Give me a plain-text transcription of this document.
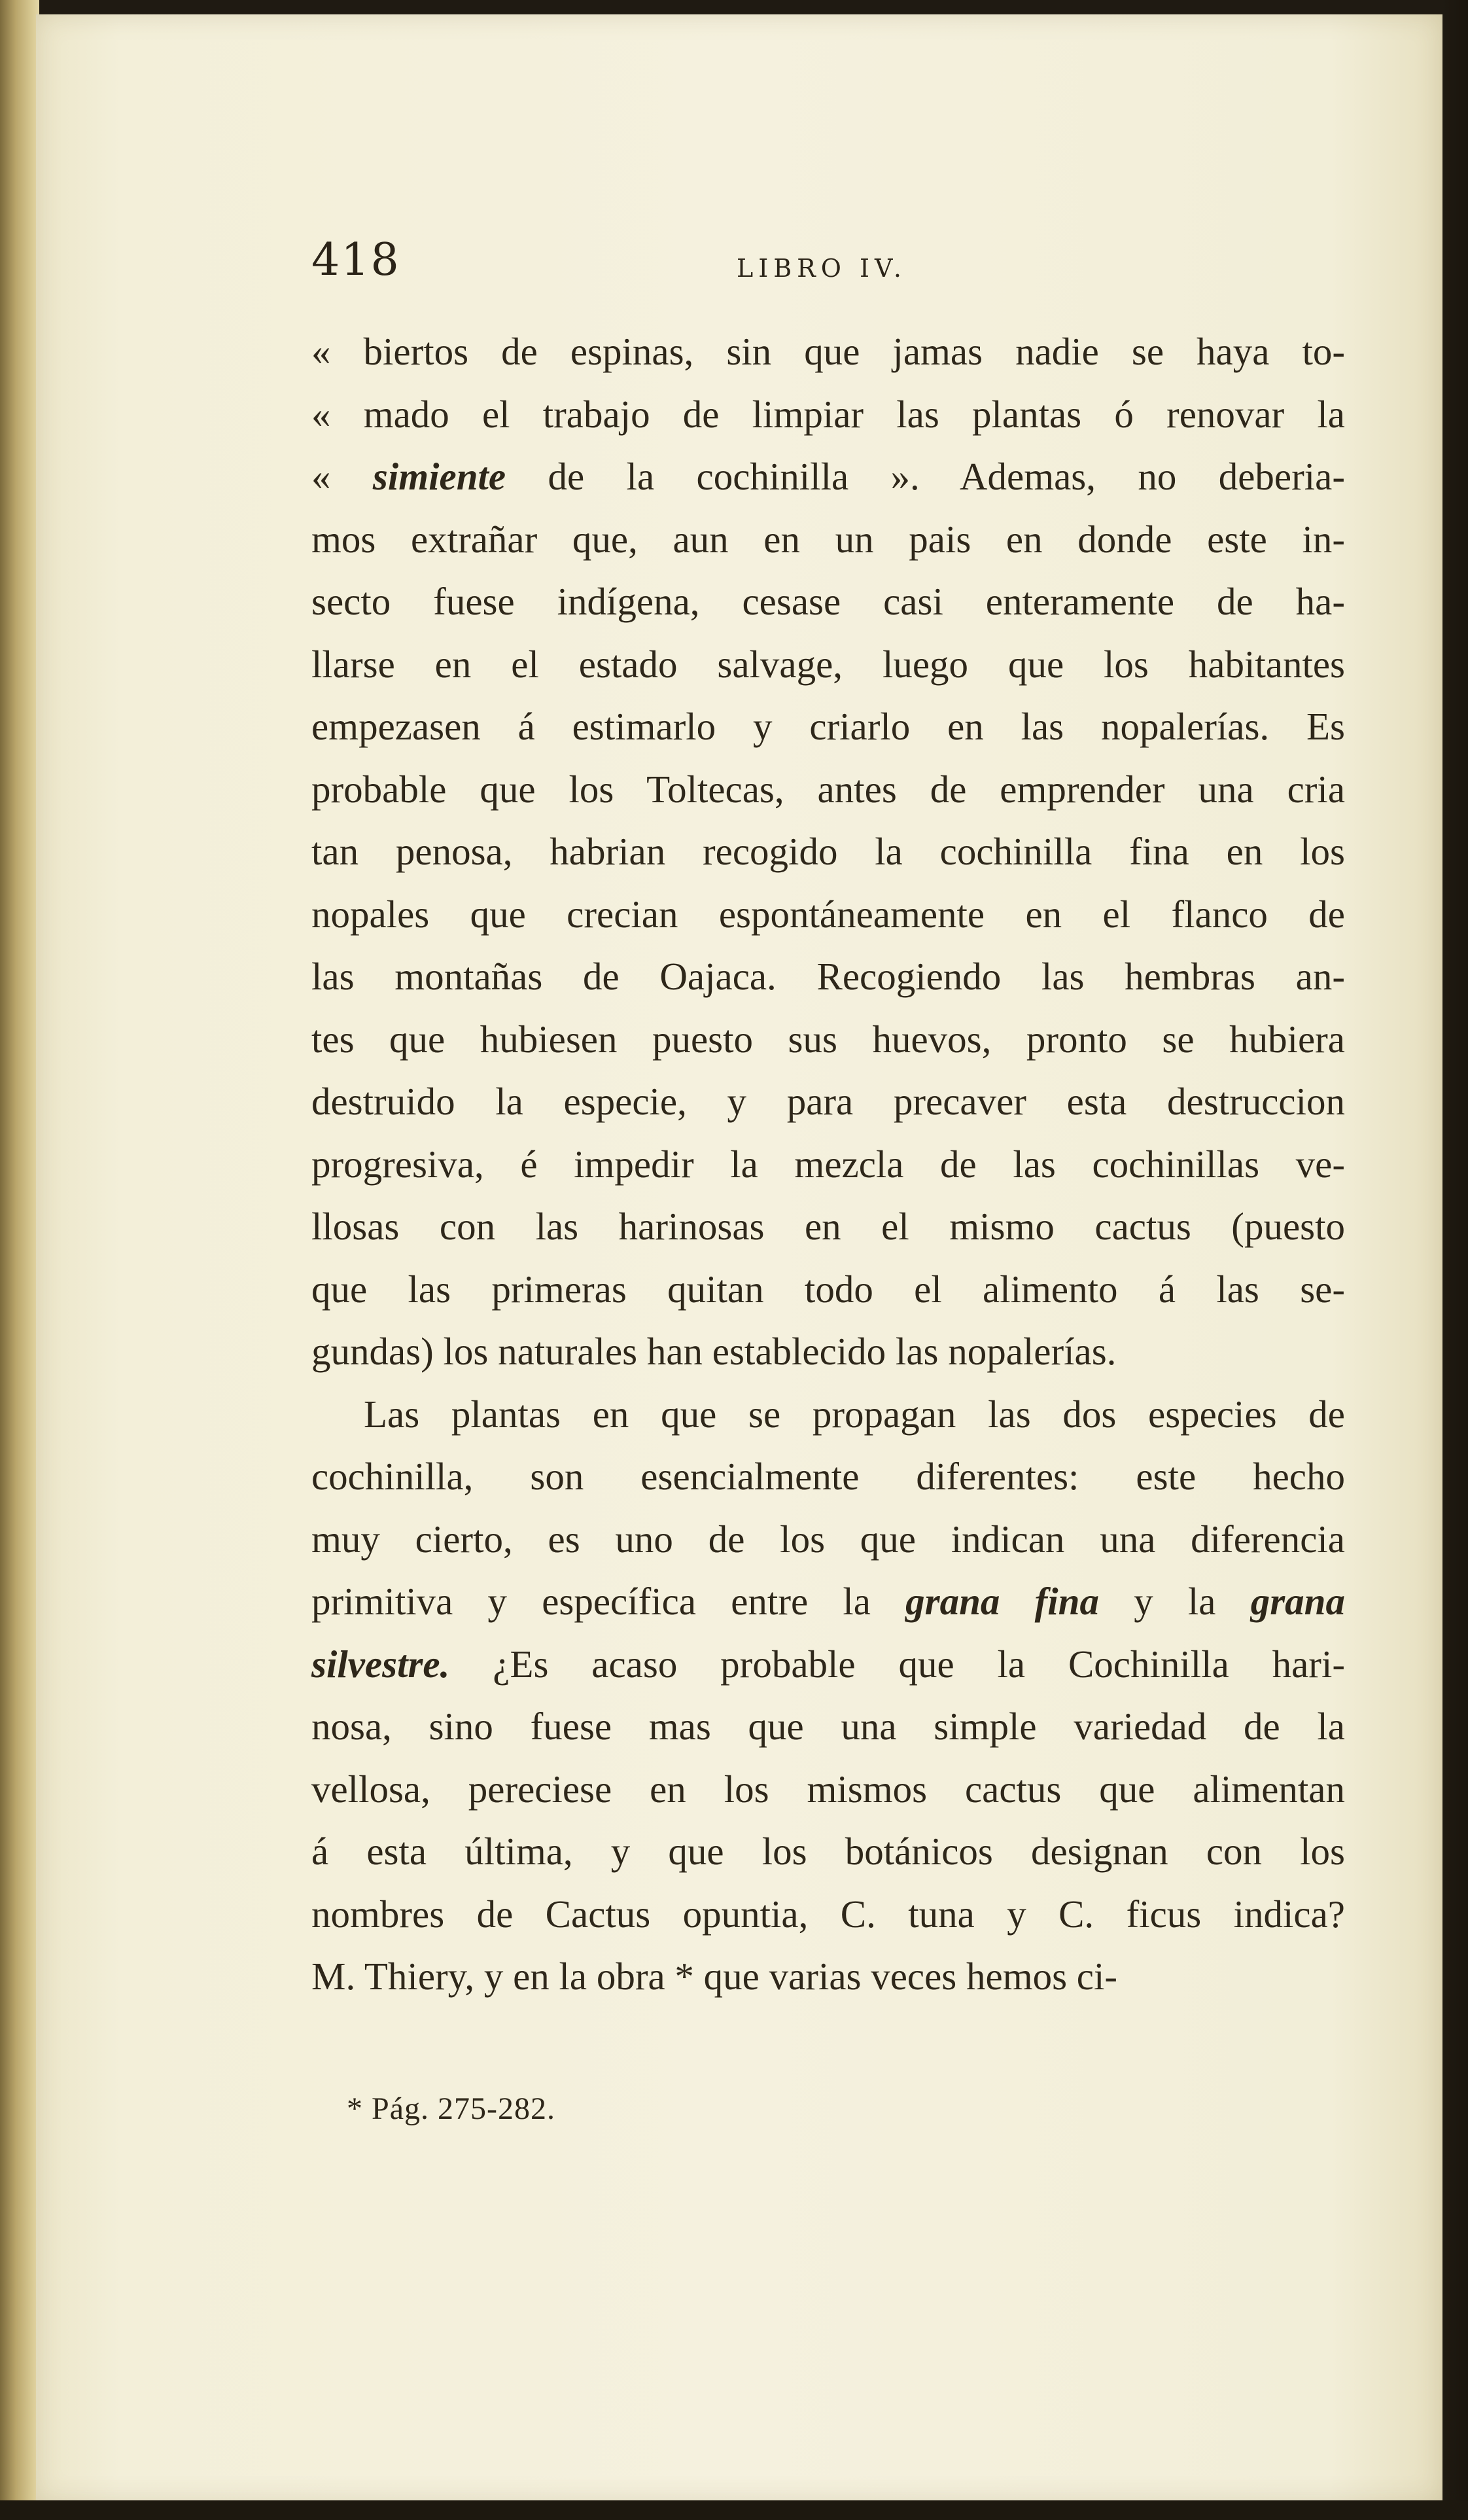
418	LIBRO IV.
« biertos de espinas, sin que jamas nadie se haya to-
« mado el trabajo de limpiar las plantas ó renovar la
« simiente de la cochinilla ». Ademas, no deberia-
mos extrañar que, aun en un pais en donde este in-
secto fuese indígena, cesase casi enteramente de ha-
llarse en el estado salvage, luego que los habitantes
empezasen á estimarlo y criarlo en las nopalerías. Es
probable que los Toltecas, antes de emprender una cria
tan penosa, habrian recogido la cochinilla fina en los
nopales que crecian espontáneamente en el flanco de
las montañas de Oajaca. Recogiendo las hembras an-
tes que hubiesen puesto sus huevos, pronto se hubiera
destruido la especie, y para precaver esta destruccion
progresiva, é impedir la mezcla de las cochinillas ve-
llosas con las harinosas en el mismo cactus (puesto
que las primeras quitan todo el alimento á las se-
gundas) los naturales han establecido las nopalerías.
Las plantas en que se propagan las dos especies de
cochinilla, son esencialmente diferentes: este hecho
muy cierto, es uno de los que indican una diferencia
primitiva y específica entre la grana fina y la grana
silvestre. ¿Es acaso probable que la Cochinilla hari-
nosa, sino fuese mas que una simple variedad de la
vellosa, pereciese en los mismos cactus que alimentan
á esta última, y que los botánicos designan con los
nombres de Cactus opuntia, C. tuna y C. ficus indica?
M. Thiery, y en la obra * que varias veces hemos ci-
* Pág. 275-282.
